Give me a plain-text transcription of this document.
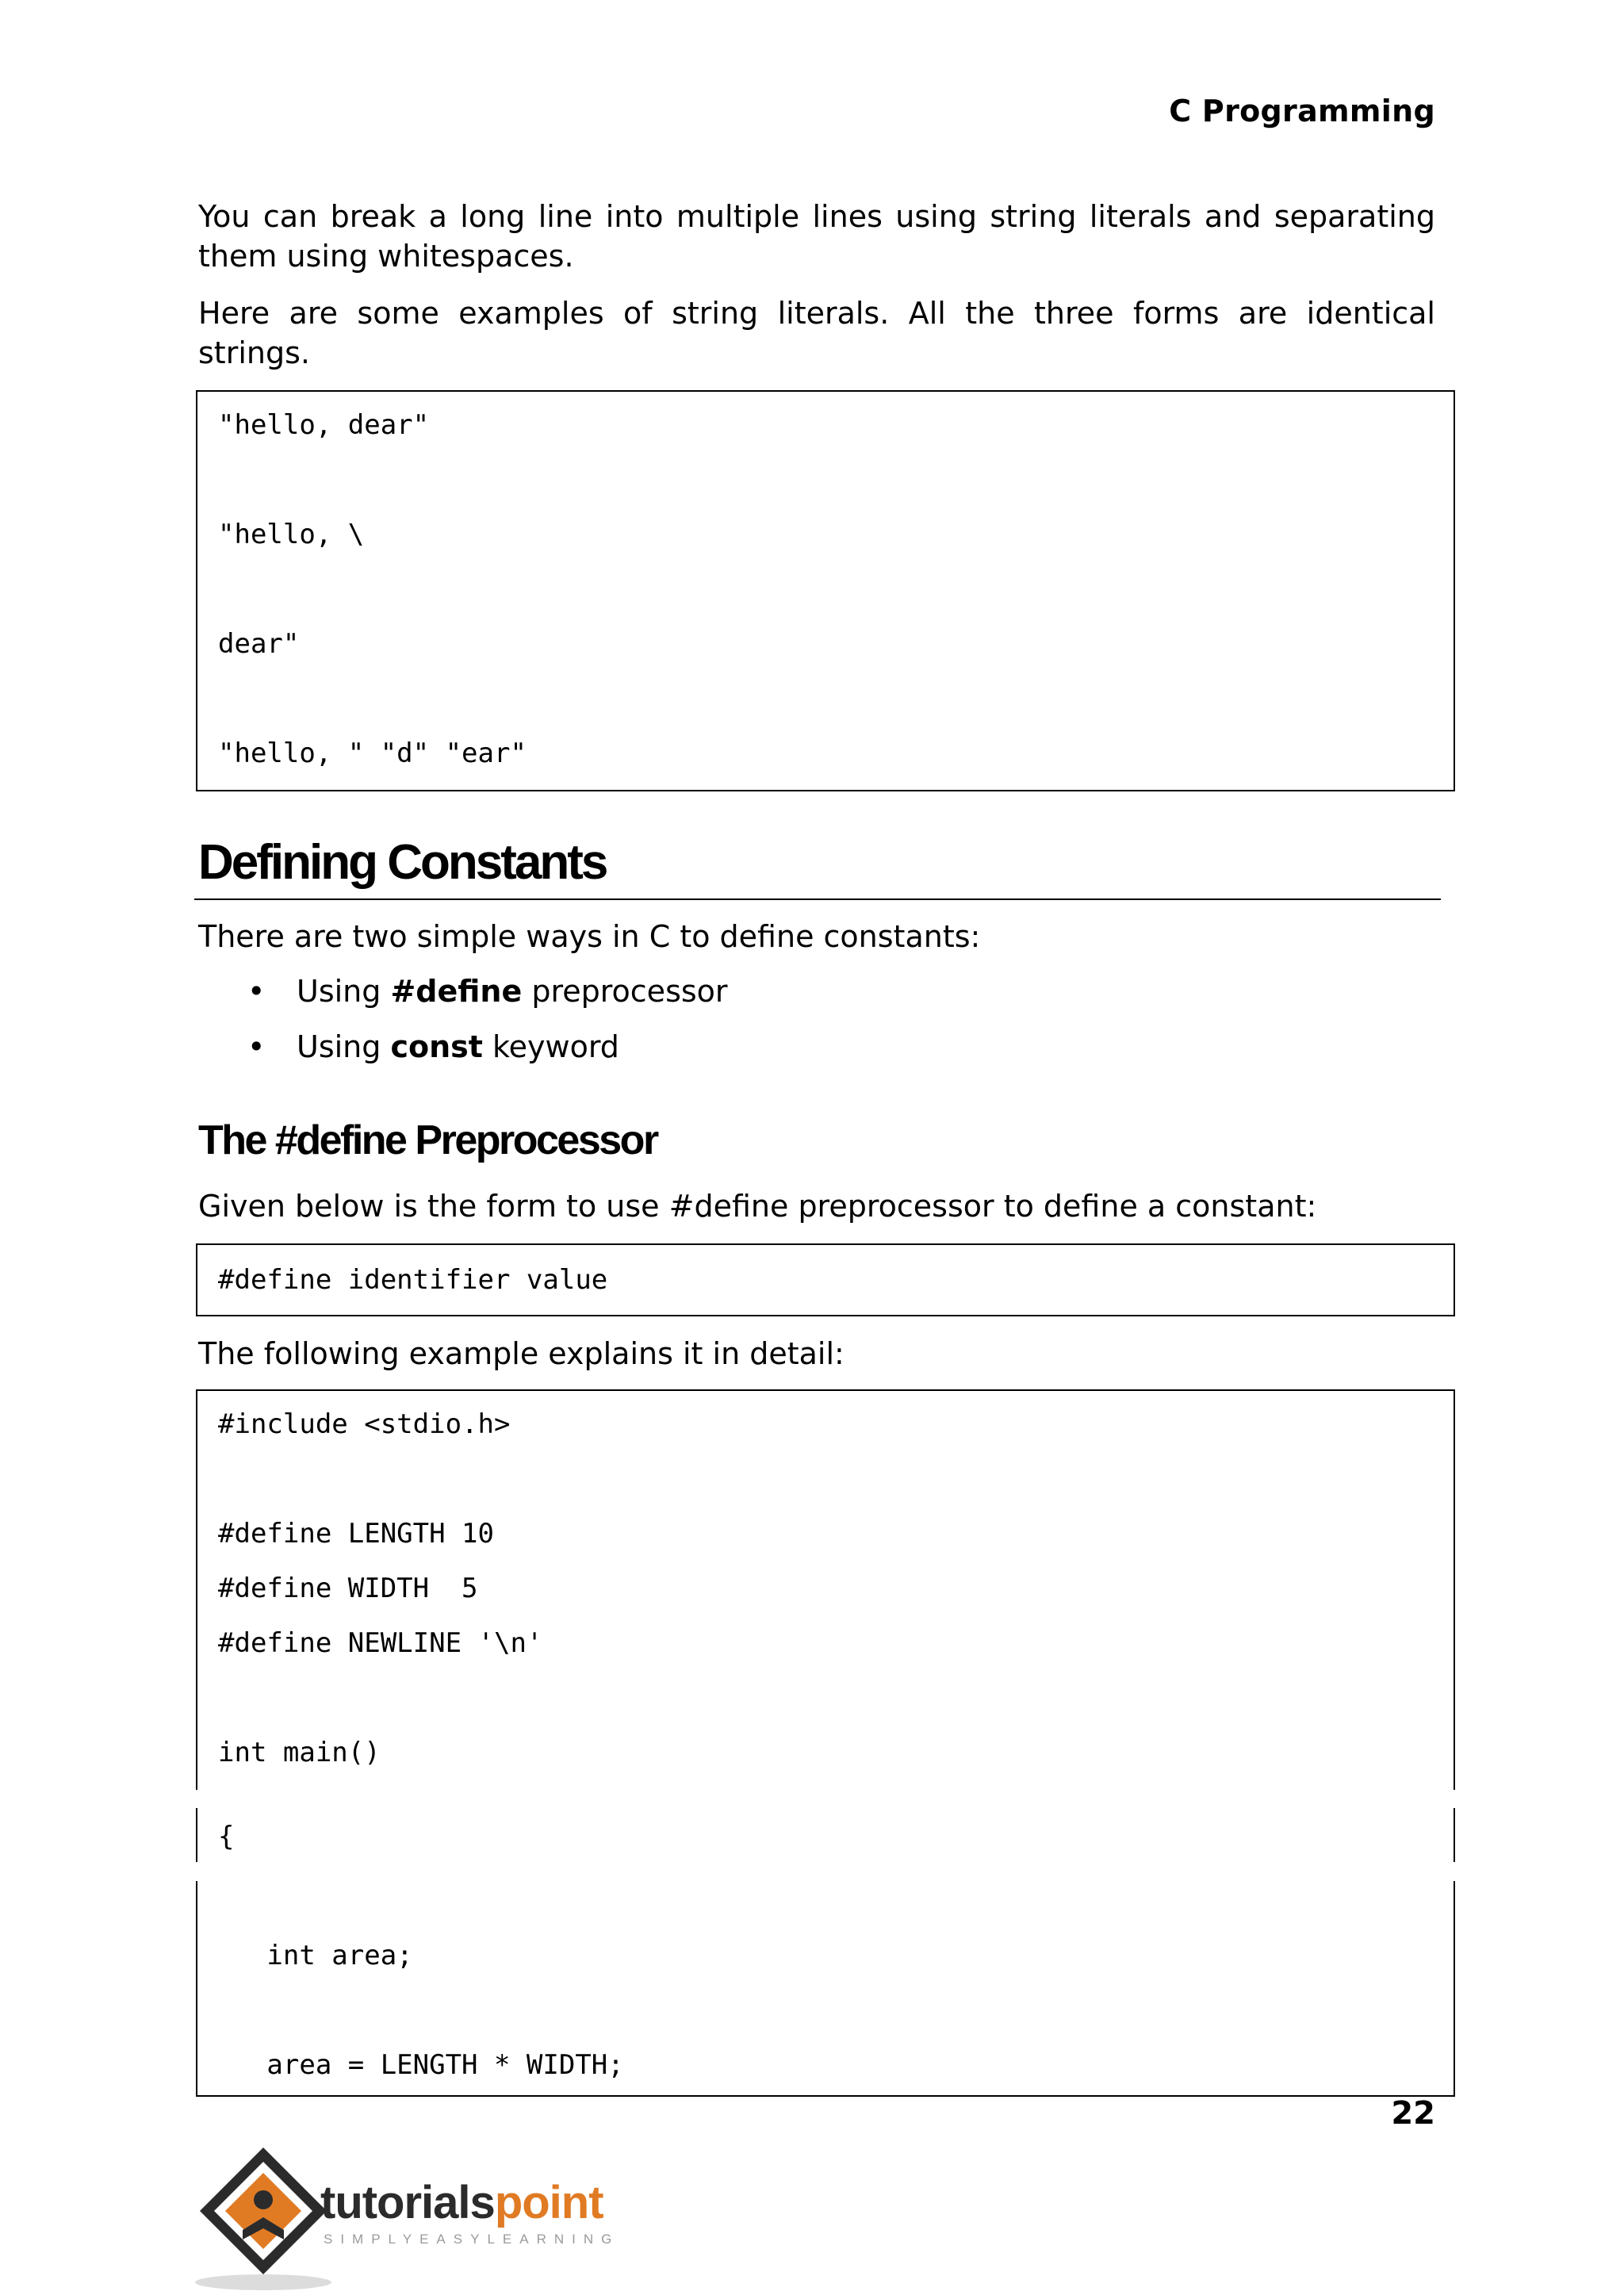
C Programming
You can break a long line into multiple lines using string literals and separating them using whitespaces.
Here are some examples of string literals. All the three forms are identical strings.
"hello, dear"
"hello, \
dear"
"hello, " "d" "ear"
Defining Constants
There are two simple ways in C to define constants:
• Using #define preprocessor
• Using const keyword
The #define Preprocessor
Given below is the form to use #define preprocessor to define a constant:
#define identifier value
The following example explains it in detail:
#include <stdio.h>
#define LENGTH 10
#define WIDTH  5
#define NEWLINE '\n'
int main()
{
int area;
area = LENGTH * WIDTH;
22
tutorialspoint
SIMPLYEASYLEARNING
